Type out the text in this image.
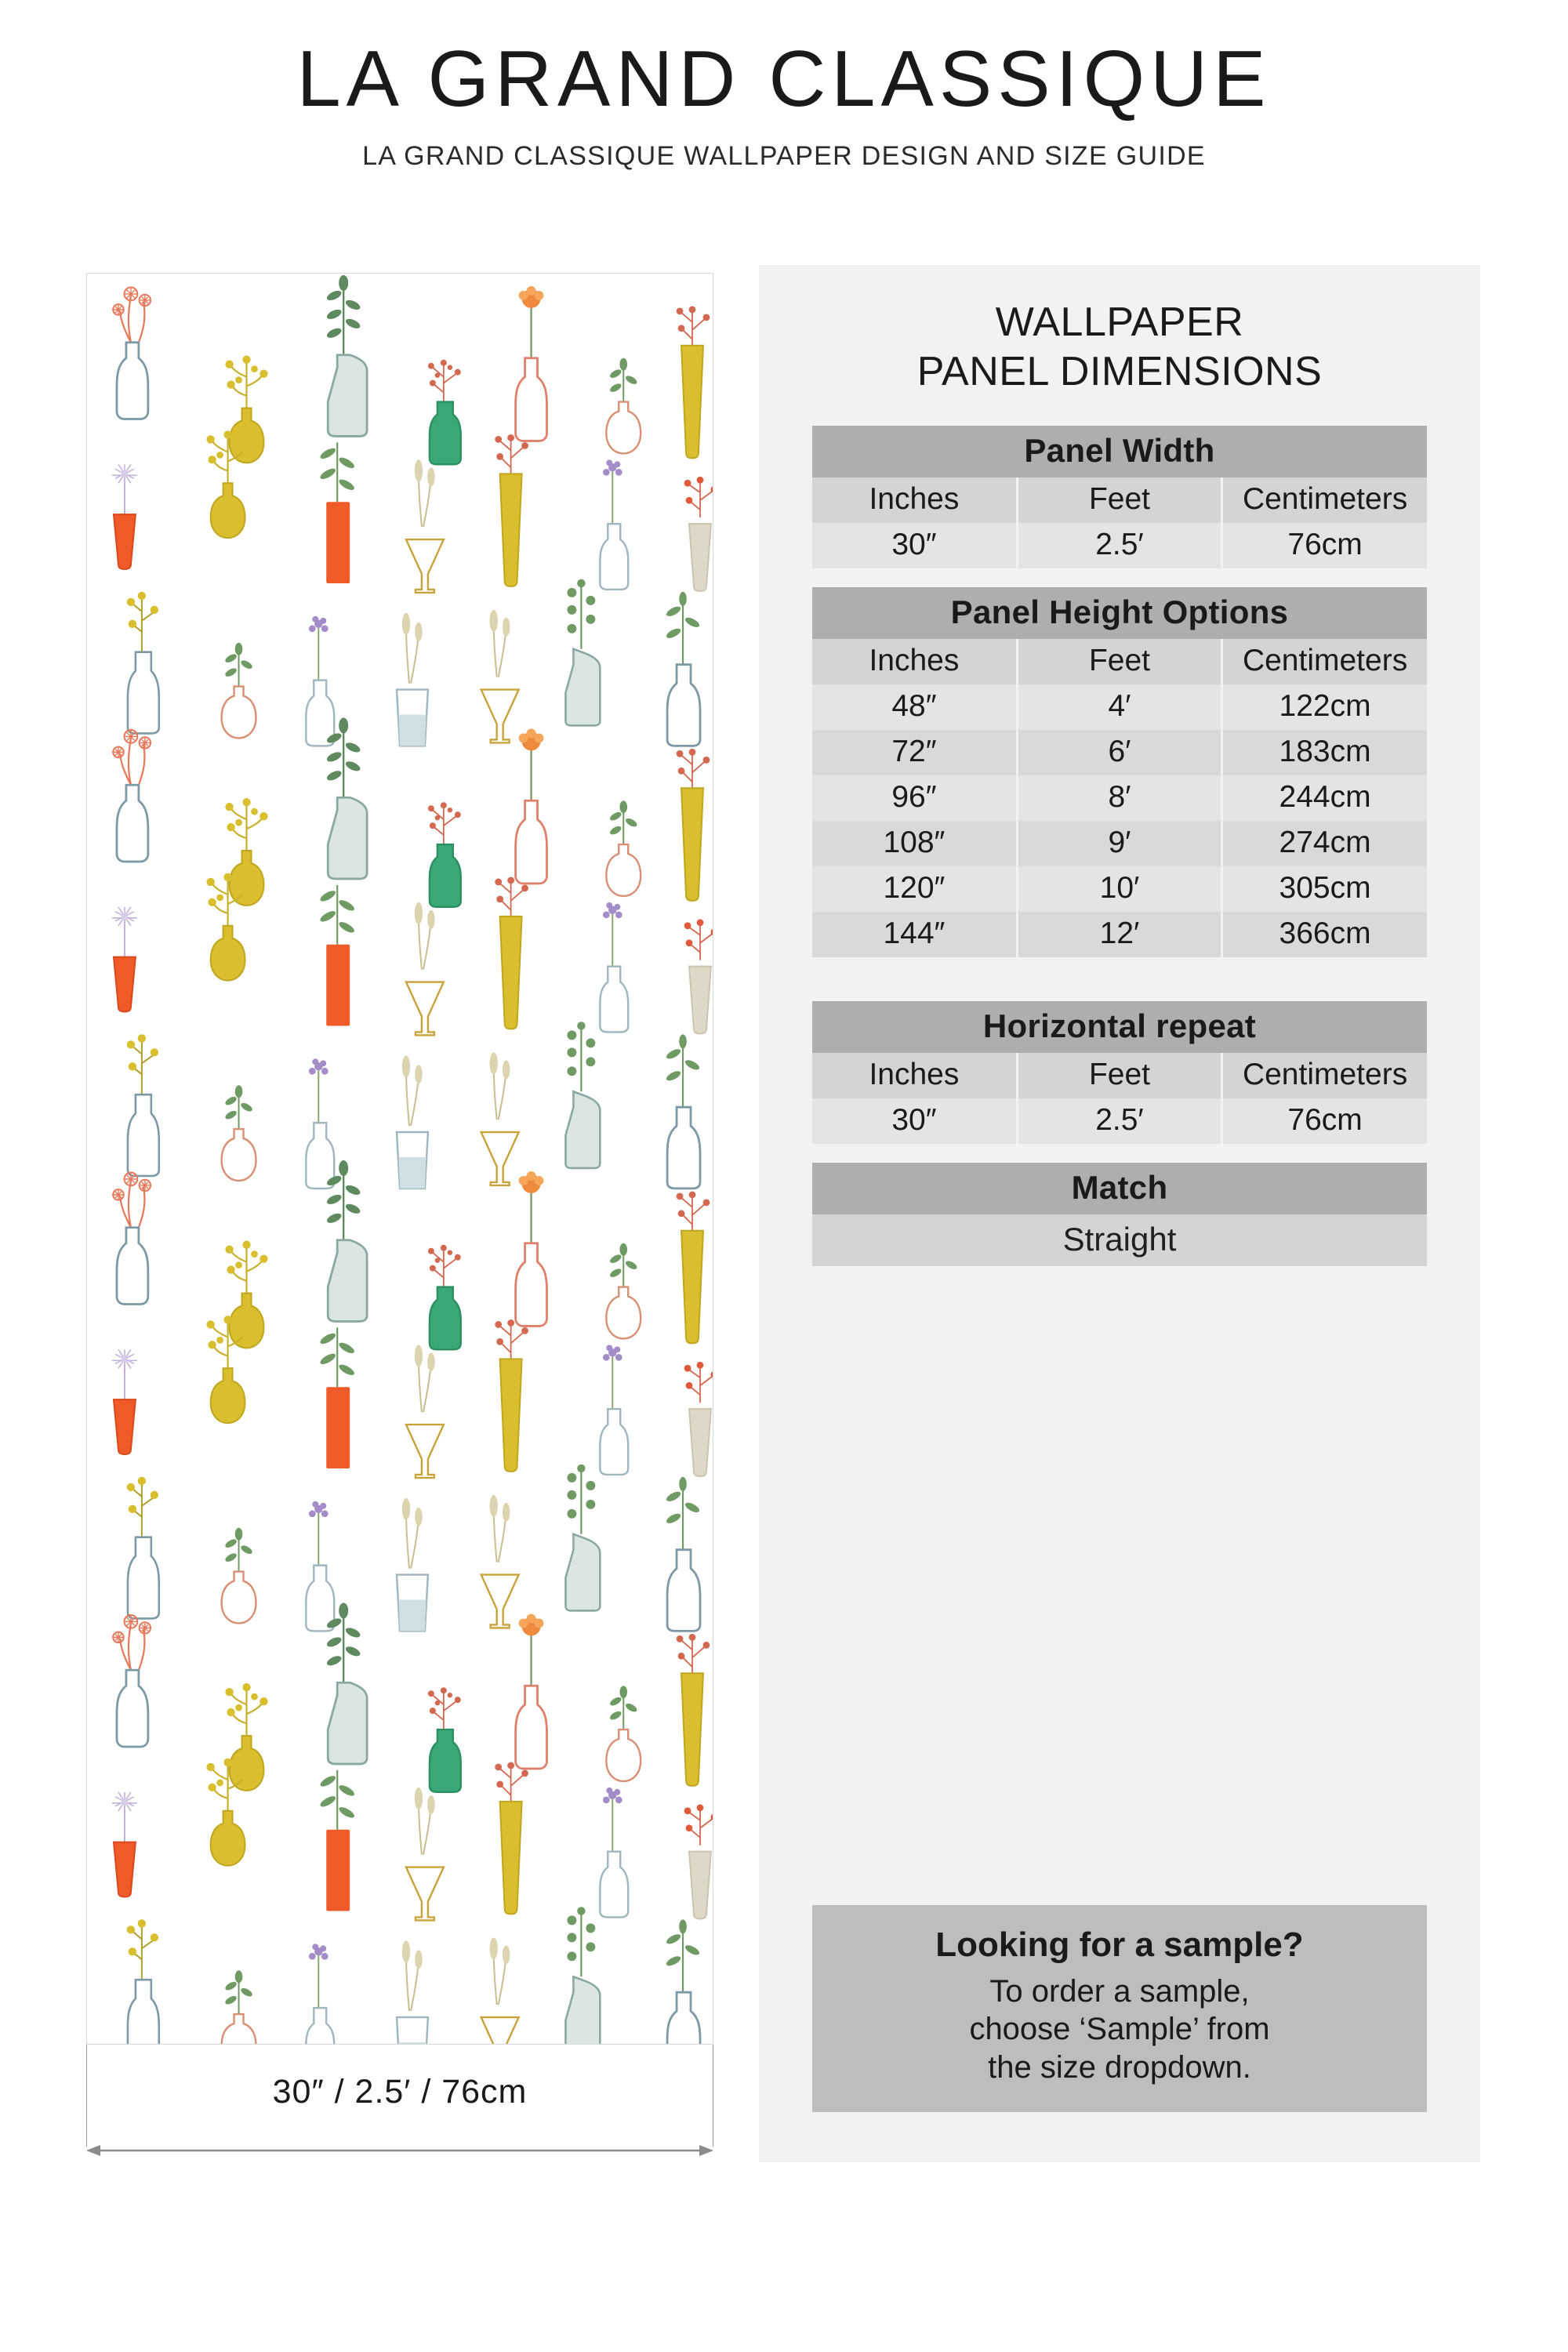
LA GRAND CLASSIQUE
LA GRAND CLASSIQUE WALLPAPER DESIGN AND SIZE GUIDE
30″ / 2.5′ / 76cm
WALLPAPER
PANEL DIMENSIONS
Panel Width		
Inches	Feet	Centimeters
30″	2.5′	76cm
Panel Height Options		
Inches	Feet	Centimeters
48″	4′	122cm
72″	6′	183cm
96″	8′	244cm
108″	9′	274cm
120″	10′	305cm
144″	12′	366cm
Horizontal repeat		
Inches	Feet	Centimeters
30″	2.5′	76cm
Match
Straight
Looking for a sample?
To order a sample,
choose ‘Sample’ from
the size dropdown.
